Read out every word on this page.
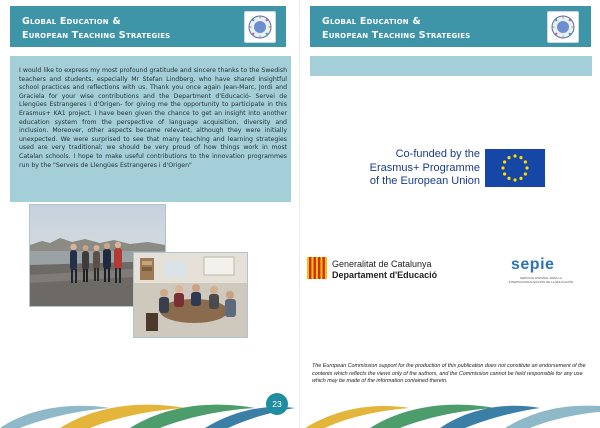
Global Education &
European Teaching Strategies

I would like to express my most profound gratitude and sincere thanks to the Swedish teachers and students, especially Mr Stefan Lindberg, who have shared insightful school practices and reflections with us. Thank you once again Jean-Marc, Jordi and Graciela for your wise contributions and the Department d'Educació- Servei de Llengües Estrangeres i d'Origen- for giving me the opportunity to participate in this Erasmus+ KA1 project. I have been given the chance to get an insight into another education system from the perspective of language acquisition, diversity and inclusion. Moreover, other aspects became relevant, although they were initially unexpected. We were surprised to see that many teaching and learning strategies used are very traditional; we should be very proud of how things work in most Catalan schools. I hope to make useful contributions to the innovation programmes run by the "Serveis de Llengües Estrangeres i d'Origen"

Global Education &
European Teaching Strategies
Co-funded by the
Erasmus+ Programme
of the European Union
Generalitat de Catalunya
Departament d'Educació
sepie
SERVICIO ESPAÑOL PARA LA INTERNACIONALIZACIÓN DE LA EDUCACIÓN
The European Commission support for the production of this publication does not constitute an endorsement of the contents which reflects the views only of the authors, and the Commission cannot be held responsible for any use which may be made of the information contained therein.
23
